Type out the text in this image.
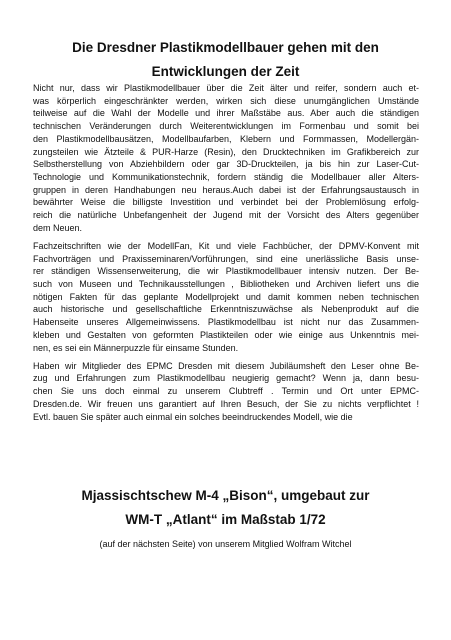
Die Dresdner Plastikmodellbauer gehen mit den
Entwicklungen der Zeit

Nicht nur, dass wir Plastikmodellbauer über die Zeit älter und reifer, sondern auch et-
was körperlich eingeschränkter werden, wirken sich diese unumgänglichen Umstände
teilweise auf die Wahl der Modelle und ihrer Maßstäbe aus. Aber auch die ständigen
technischen Veränderungen durch Weiterentwicklungen im Formenbau und somit bei
den Plastikmodellbausätzen, Modellbaufarben, Klebern und Formmassen, Modellergän-
zungsteilen wie Ätzteile & PUR-Harze (Resin), den Drucktechniken im Grafikbereich zur
Selbstherstellung von Abziehbildern oder gar 3D-Druckteilen, ja bis hin zur Laser-Cut-
Technologie und Kommunikationstechnik, fordern ständig die Modellbauer aller Alters-
gruppen in deren Handhabungen neu heraus.Auch dabei ist der Erfahrungsaustausch in
bewährter Weise die billigste Investition und verbindet bei der Problemlösung erfolg-
reich die natürliche Unbefangenheit der Jugend mit der Vorsicht des Alters gegenüber
dem Neuen.

Fachzeitschriften wie der ModellFan, Kit und viele Fachbücher, der DPMV-Konvent mit
Fachvorträgen und Praxisseminaren/Vorführungen, sind eine unerlässliche Basis unse-
rer ständigen Wissenserweiterung, die wir Plastikmodellbauer intensiv nutzen. Der Be-
such von Museen und Technikausstellungen , Bibliotheken und Archiven liefert uns die
nötigen Fakten für das geplante Modellprojekt und damit kommen neben technischen
auch historische und gesellschaftliche Erkenntniszuwächse als Nebenprodukt auf die
Habenseite unseres Allgemeinwissens. Plastikmodellbau ist nicht nur das Zusammen-
kleben und Gestalten von geformten Plastikteilen oder wie einige aus Unkenntnis mei-
nen, es sei ein Männerpuzzle für einsame Stunden.

Haben wir Mitglieder des EPMC Dresden mit diesem Jubiläumsheft den Leser ohne Be-
zug und Erfahrungen zum Plastikmodellbau neugierig gemacht? Wenn ja, dann besu-
chen Sie uns doch einmal zu unserem Clubtreff . Termin und Ort unter EPMC-
Dresden.de. Wir freuen uns garantiert auf Ihren Besuch, der Sie zu nichts verpflichtet !
Evtl. bauen Sie später auch einmal ein solches beeindruckendes Modell, wie die

Mjassischtschew M-4 „Bison“, umgebaut zur
WM-T „Atlant“ im Maßstab 1/72

(auf der nächsten Seite) von unserem Mitglied Wolfram Witchel
